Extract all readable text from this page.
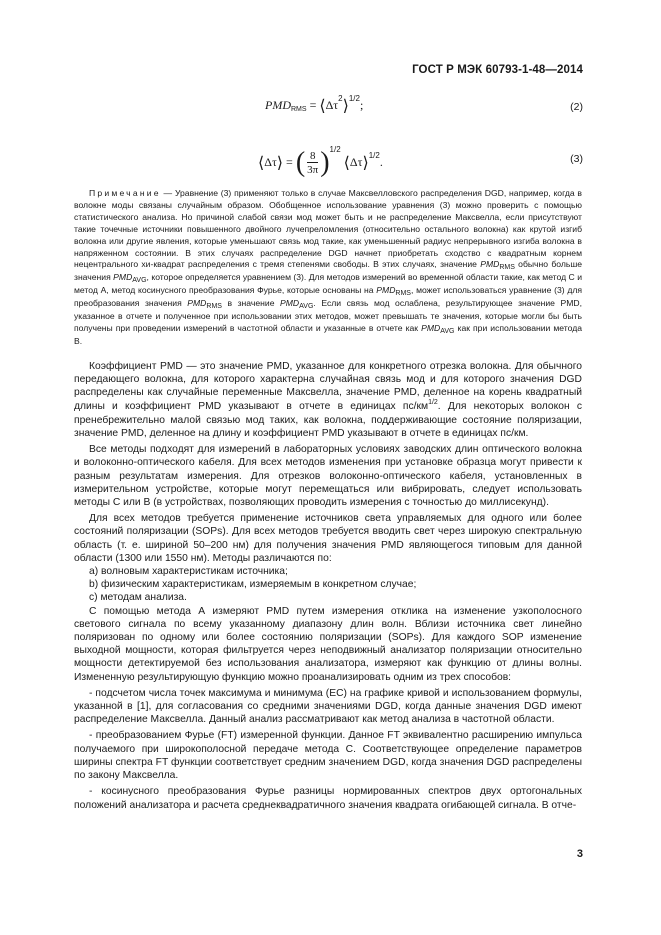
ГОСТ Р МЭК 60793-1-48—2014
PMDRMS = $⟨\Delta\tau^2⟩^{1/2}$;	(2)
⟨Δτ⟩ = ( $\frac{8}{3\pi} )^{1/2}$ ⟨Δτ⟩$^{1/2}$.	(3)

Примечание — Уравнение (3) применяют только в случае Максвелловского распределения DGD, например, когда в волокне моды связаны случайным образом. Обобщенное использование уравнения (3) можно проверить с помощью статистического анализа. Но причиной слабой связи мод может быть и не распределение Максвелла, если присутствуют такие точечные источники повышенного двойного лучепреломления (относительно остального волокна) как крутой изгиб волокна или другие явления, которые уменьшают связь мод такие, как уменьшенный радиус непрерывного изгиба волокна в напряженном состоянии. В этих случаях распределение DGD начнет приобретать сходство с квадратным корнем нецентрального хи-квадрат распределения с тремя степенями свободы. В этих случаях, значение $PMD_{RMS}$ обычно больше значения $PMD_{AVG}$, которое определяется уравнением (3). Для методов измерений во временной области такие, как метод С и метод А, метод косинусного преобразования Фурье, которые основаны на $PMD_{RMS}$, может использоваться уравнение (3) для преобразования значения $PMD_{RMS}$ в значение $PMD_{AVG}$. Если связь мод ослаблена, результирующее значение PMD, указанное в отчете и полученное при использовании этих методов, может превышать те значения, которые могли бы быть получены при проведении измерений в частотной области и указанные в отчете как $PMD_{AVG}$ как при использовании метода В.

Коэффициент PMD — это значение PMD, указанное для конкретного отрезка волокна. Для обычного передающего волокна, для которого характерна случайная связь мод и для которого значения DGD распределены как случайные переменные Максвелла, значение PMD, деленное на корень квадратный длины и коэффициент PMD указывают в отчете в единицах $пс/км^{1/2}$. Для некоторых волокон с пренебрежительно малой связью мод таких, как волокна, поддерживающие состояние поляризации, значение PMD, деленное на длину и коэффициент PMD указывают в отчете в единицах пс/км.

Все методы подходят для измерений в лабораторных условиях заводских длин оптического волокна и волоконно-оптического кабеля. Для всех методов изменения при установке образца могут привести к разным результатам измерения. Для отрезков волоконно-оптического кабеля, установленных в измерительном устройстве, которые могут перемещаться или вибрировать, следует использовать методы С или В (в устройствах, позволяющих проводить измерения с точностью до миллисекунд).

Для всех методов требуется применение источников света управляемых для одного или более состояний поляризации (SOPs). Для всех методов требуется вводить свет через широкую спектральную область (т. е. шириной 50–200 нм) для получения значения PMD являющегося типовым для данной области (1300 или 1550 нм). Методы различаются по:

а) волновым характеристикам источника;

b) физическим характеристикам, измеряемым в конкретном случае;

с) методам анализа.

С помощью метода А измеряют PMD путем измерения отклика на изменение узкополосного светового сигнала по всему указанному диапазону длин волн. Вблизи источника свет линейно поляризован по одному или более состоянию поляризации (SOPs). Для каждого SOP изменение выходной мощности, которая фильтруется через неподвижный анализатор поляризации относительно мощности детектируемой без использования анализатора, измеряют как функцию от длины волны. Измененную результирующую функцию можно проанализировать одним из трех способов:

- подсчетом числа точек максимума и минимума (ЕС) на графике кривой и использованием формулы, указанной в [1], для согласования со средними значениями DGD, когда данные значения DGD имеют распределение Максвелла. Данный анализ рассматривают как метод анализа в частотной области.

- преобразованием Фурье (FT) измеренной функции. Данное FT эквивалентно расширению импульса получаемого при широкополосной передаче метода С. Соответствующее определение параметров ширины спектра FT функции соответствует средним значением DGD, когда значения DGD распределены по закону Максвелла.

- косинусного преобразования Фурье разницы нормированных спектров двух ортогональных положений анализатора и расчета среднеквадратичного значения квадрата огибающей сигнала. В отче-

3
